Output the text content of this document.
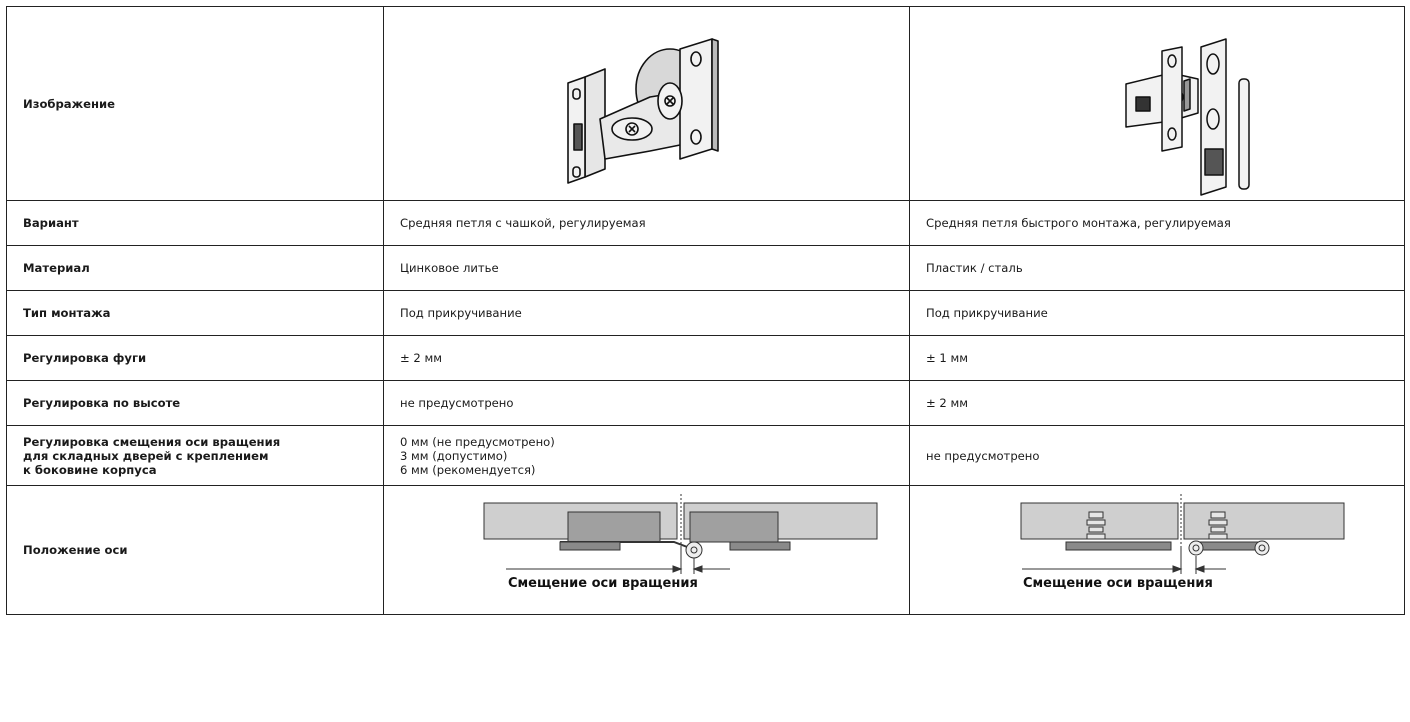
Изображение	

Вариант	Средняя петля с чашкой, регулируемая	Средняя петля быстрого монтажа, регулируемая
Материал	Цинковое литье	Пластик / сталь
Тип монтажа	Под прикручивание	Под прикручивание
Регулировка фуги	± 2 мм	± 1 мм
Регулировка по высоте	не предусмотрено	± 2 мм

Регулировка смещения оси вращения
для складных дверей с креплением
к боковине корпуса	0 мм (не предусмотрено)
3 мм (допустимо)
6 мм (рекомендуется)	не предусмотрено
Положение оси	Смещение оси вращения	Смещение оси вращения
